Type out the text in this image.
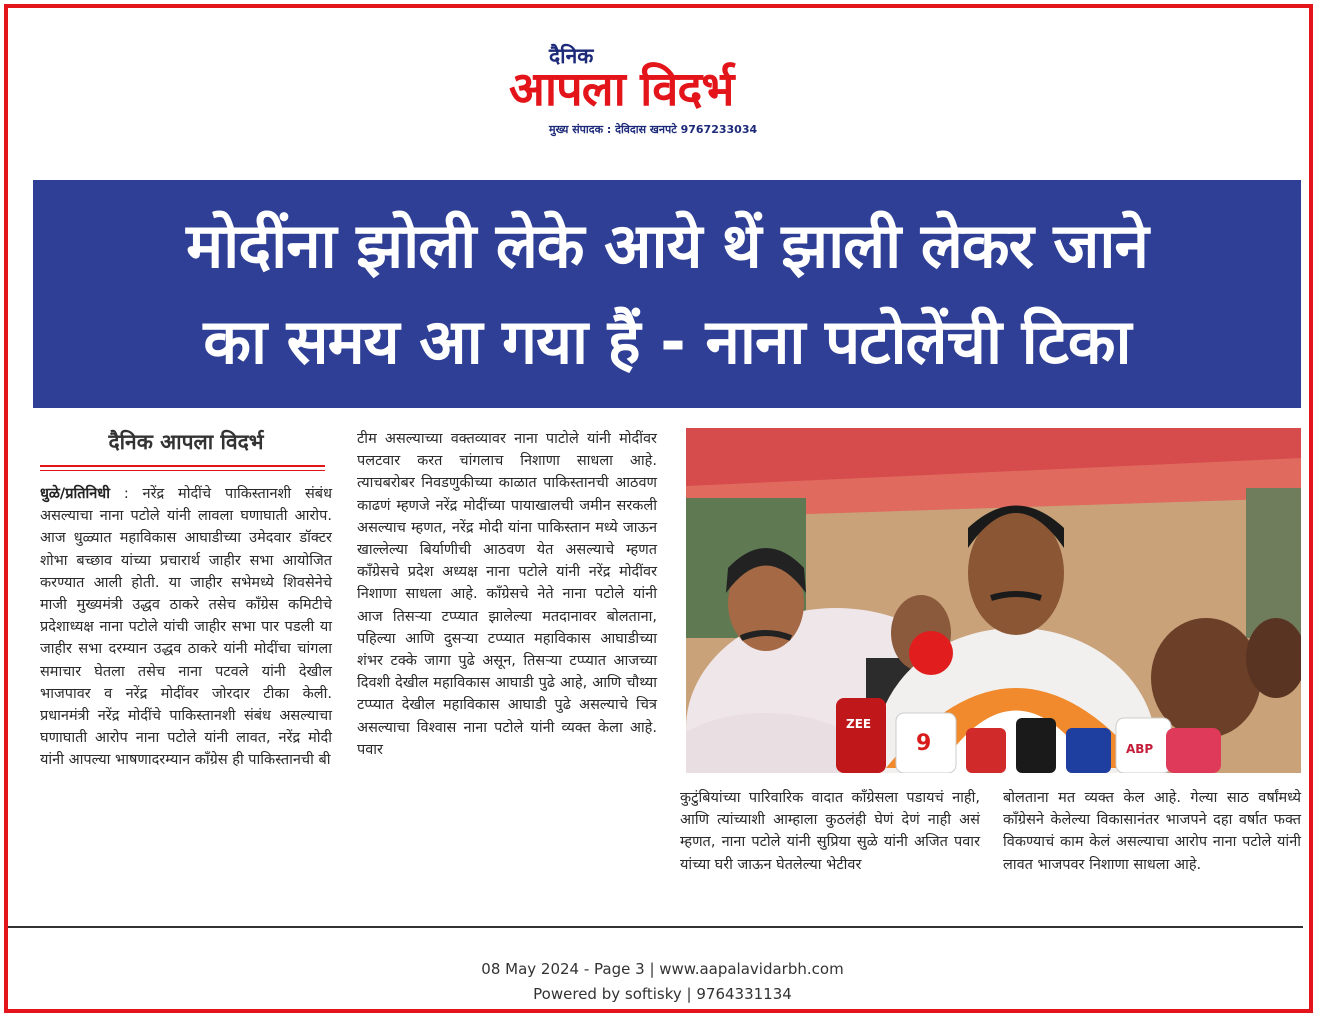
दैनिक
आपला विदर्भ
मुख्य संपादक : देविदास खनपटे 9767233034
मोदींना झोली लेके आये थें झाली लेकर जाने
का समय आ गया हैं - नाना पटोलेंची टिका
दैनिक आपला विदर्भ

धुळे/प्रतिनिधी : नरेंद्र मोदींचे पाकिस्तानशी संबंध असल्याचा नाना पटोले यांनी लावला घणाघाती आरोप. आज धुळ्यात महाविकास आघाडीच्या उमेदवार डॉक्टर शोभा बच्छाव यांच्या प्रचारार्थ जाहीर सभा आयोजित करण्यात आली होती. या जाहीर सभेमध्ये शिवसेनेचे माजी मुख्यमंत्री उद्धव ठाकरे तसेच काँग्रेस कमिटीचे प्रदेशाध्यक्ष नाना पटोले यांची जाहीर सभा पार पडली या जाहीर सभा दरम्यान उद्धव ठाकरे यांनी मोदींचा चांगला समाचार घेतला तसेच नाना पटवले यांनी देखील भाजपावर व नरेंद्र मोदींवर जोरदार टीका केली. प्रधानमंत्री नरेंद्र मोदींचे पाकिस्तानशी संबंध असल्याचा घणाघाती आरोप नाना पटोले यांनी लावत, नरेंद्र मोदी यांनी आपल्या भाषणादरम्यान काँग्रेस ही पाकिस्तानची बी

टीम असल्याच्या वक्तव्यावर नाना पाटोले यांनी मोदींवर पलटवार करत चांगलाच निशाणा साधला आहे. त्याचबरोबर निवडणुकीच्या काळात पाकिस्तानची आठवण काढणं म्हणजे नरेंद्र मोदींच्या पायाखालची जमीन सरकली असल्याच म्हणत, नरेंद्र मोदी यांना पाकिस्तान मध्ये जाऊन खाल्लेल्या बिर्याणीची आठवण येत असल्याचे म्हणत काँग्रेसचे प्रदेश अध्यक्ष नाना पटोले यांनी नरेंद्र मोदींवर निशाणा साधला आहे. काँग्रेसचे नेते नाना पटोले यांनी आज तिसऱ्या टप्प्यात झालेल्या मतदानावर बोलताना, पहिल्या आणि दुसऱ्या टप्प्यात महाविकास आघाडीच्या शंभर टक्के जागा पुढे असून, तिसऱ्या टप्प्यात आजच्या दिवशी देखील महाविकास आघाडी पुढे आहे, आणि चौथ्या टप्प्यात देखील महाविकास आघाडी पुढे असल्याचे चित्र असल्याचा विश्वास नाना पटोले यांनी व्यक्त केला आहे. पवार

ZEE
9	ABP

कुटुंबियांच्या पारिवारिक वादात काँग्रेसला पडायचं नाही, आणि त्यांच्याशी आम्हाला कुठलंही घेणं देणं नाही असं म्हणत, नाना पटोले यांनी सुप्रिया सुळे यांनी अजित पवार यांच्या घरी जाऊन घेतलेल्या भेटीवर

बोलताना मत व्यक्त केल आहे. गेल्या साठ वर्षांमध्ये काँग्रेसने केलेल्या विकासानंतर भाजपने दहा वर्षात फक्त विकण्याचं काम केलं असल्याचा आरोप नाना पटोले यांनी लावत भाजपवर निशाणा साधला आहे.

08 May 2024 - Page 3 | www.aapalavidarbh.com
Powered by softisky | 9764331134
